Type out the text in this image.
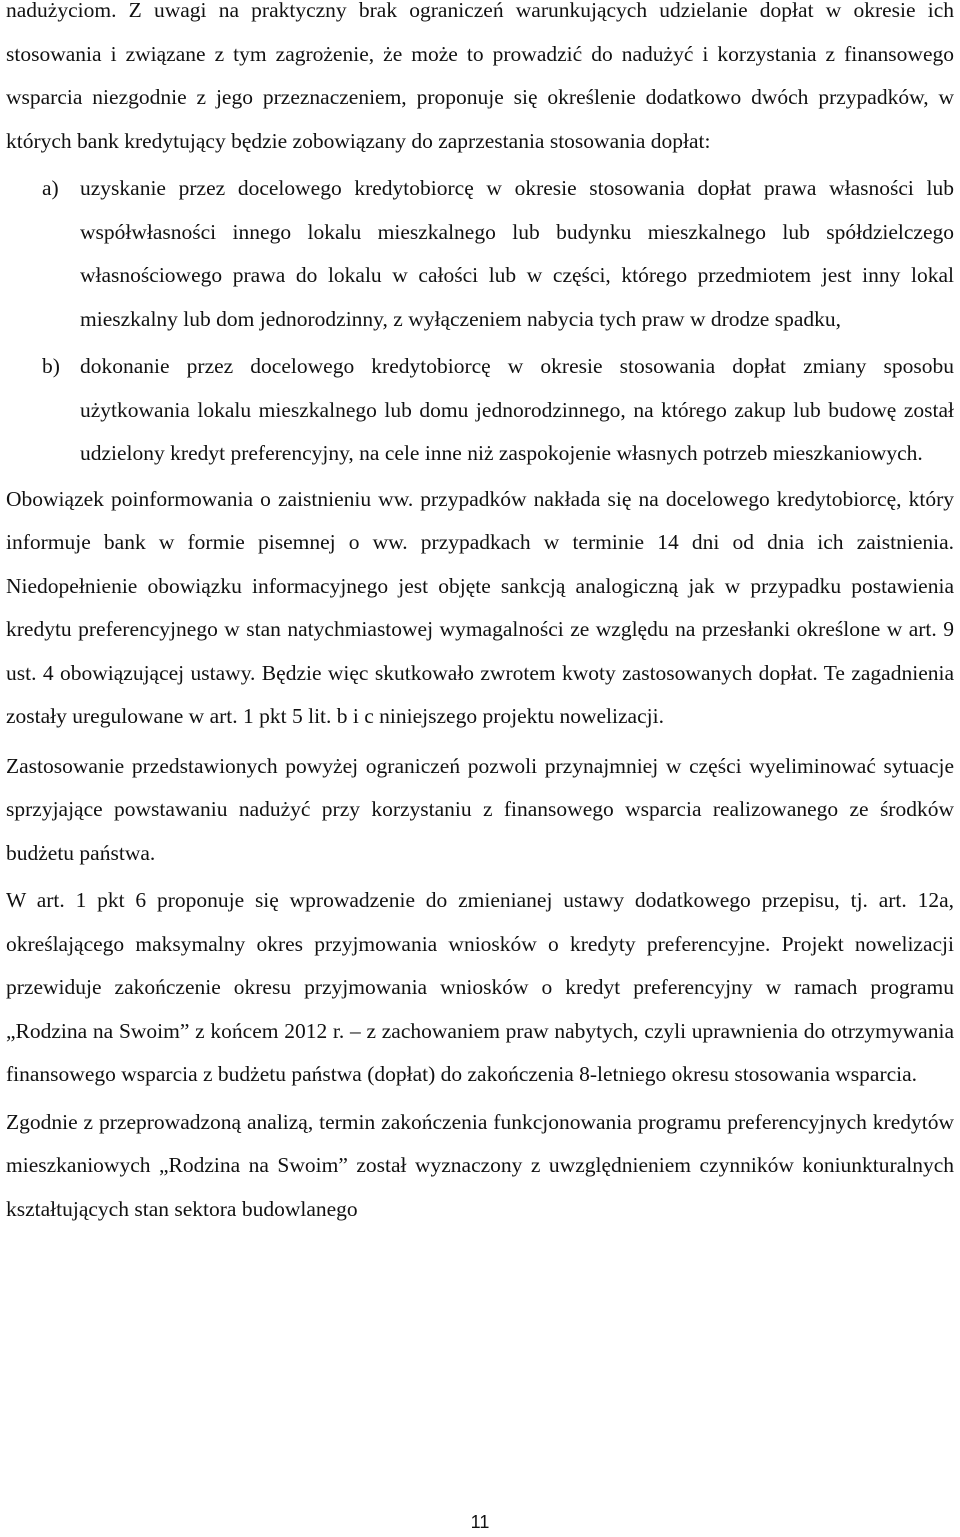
nadużyciom. Z uwagi na praktyczny brak ograniczeń warunkujących udzielanie dopłat w okresie ich stosowania i związane z tym zagrożenie, że może to prowadzić do nadużyć i korzystania z finansowego wsparcia niezgodnie z jego przeznaczeniem, proponuje się określenie dodatkowo dwóch przypadków, w których bank kredytujący będzie zobowiązany do zaprzestania stosowania dopłat:

a) uzyskanie przez docelowego kredytobiorcę w okresie stosowania dopłat prawa własności lub współwłasności innego lokalu mieszkalnego lub budynku mieszkalnego lub spółdzielczego własnościowego prawa do lokalu w całości lub w części, którego przedmiotem jest inny lokal mieszkalny lub dom jednorodzinny, z wyłączeniem nabycia tych praw w drodze spadku,
b) dokonanie przez docelowego kredytobiorcę w okresie stosowania dopłat zmiany sposobu użytkowania lokalu mieszkalnego lub domu jednorodzinnego, na którego zakup lub budowę został udzielony kredyt preferencyjny, na cele inne niż zaspokojenie własnych potrzeb mieszkaniowych.

Obowiązek poinformowania o zaistnieniu ww. przypadków nakłada się na docelowego kredytobiorcę, który informuje bank w formie pisemnej o ww. przypadkach w terminie 14 dni od dnia ich zaistnienia. Niedopełnienie obowiązku informacyjnego jest objęte sankcją analogiczną jak w przypadku postawienia kredytu preferencyjnego w stan natychmiastowej wymagalności ze względu na przesłanki określone w art. 9 ust. 4 obowiązującej ustawy. Będzie więc skutkowało zwrotem kwoty zastosowanych dopłat. Te zagadnienia zostały uregulowane w art. 1 pkt 5 lit. b i c niniejszego projektu nowelizacji.

Zastosowanie przedstawionych powyżej ograniczeń pozwoli przynajmniej w części wyeliminować sytuacje sprzyjające powstawaniu nadużyć przy korzystaniu z finansowego wsparcia realizowanego ze środków budżetu państwa.

W art. 1 pkt 6 proponuje się wprowadzenie do zmienianej ustawy dodatkowego przepisu, tj. art. 12a, określającego maksymalny okres przyjmowania wniosków o kredyty preferencyjne. Projekt nowelizacji przewiduje zakończenie okresu przyjmowania wniosków o kredyt preferencyjny w ramach programu „Rodzina na Swoim” z końcem 2012 r. – z zachowaniem praw nabytych, czyli uprawnienia do otrzymywania finansowego wsparcia z budżetu państwa (dopłat) do zakończenia 8-letniego okresu stosowania wsparcia.

Zgodnie z przeprowadzoną analizą, termin zakończenia funkcjonowania programu preferencyjnych kredytów mieszkaniowych „Rodzina na Swoim” został wyznaczony z uwzględnieniem czynników koniunkturalnych kształtujących stan sektora budowlanego

11
